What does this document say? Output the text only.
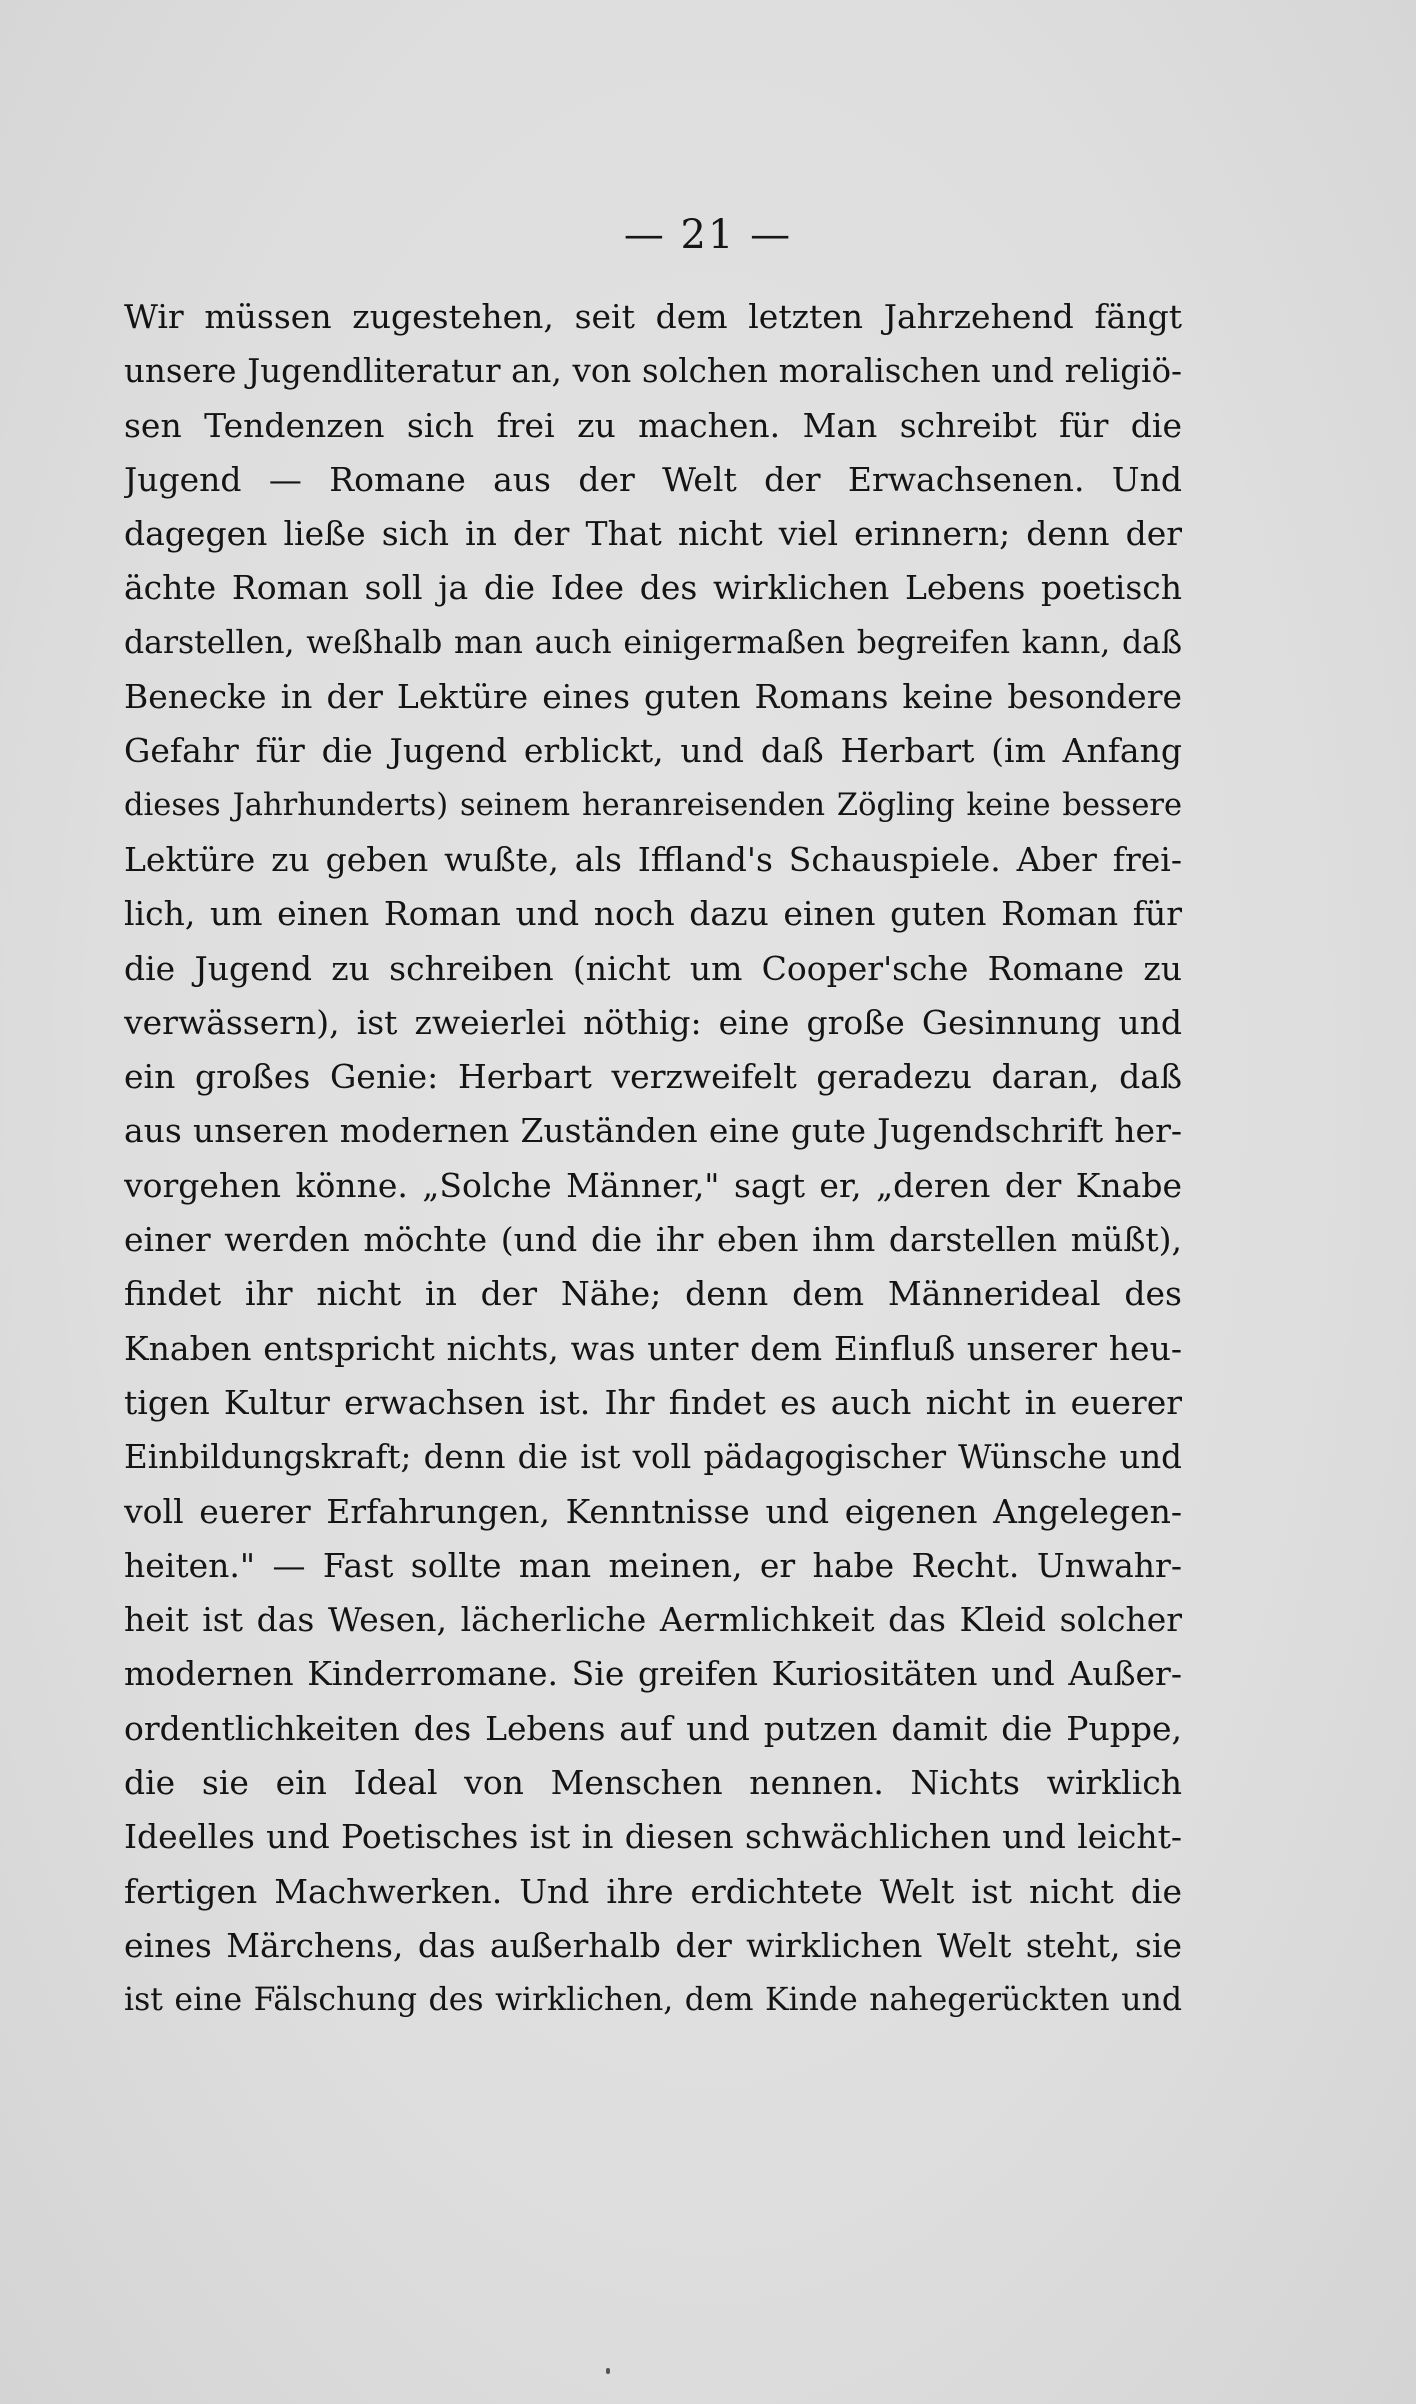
— 21 —
Wir müssen zugestehen, seit dem letzten Jahrzehend fängt
unsere Jugendliteratur an, von solchen moralischen und religiö-
sen Tendenzen sich frei zu machen. Man schreibt für die
Jugend — Romane aus der Welt der Erwachsenen. Und
dagegen ließe sich in der That nicht viel erinnern; denn der
ächte Roman soll ja die Idee des wirklichen Lebens poetisch
darstellen, weßhalb man auch einigermaßen begreifen kann, daß
Benecke in der Lektüre eines guten Romans keine besondere
Gefahr für die Jugend erblickt, und daß Herbart (im Anfang
dieses Jahrhunderts) seinem heranreisenden Zögling keine bessere
Lektüre zu geben wußte, als Iffland's Schauspiele. Aber frei-
lich, um einen Roman und noch dazu einen guten Roman für
die Jugend zu schreiben (nicht um Cooper'sche Romane zu
verwässern), ist zweierlei nöthig: eine große Gesinnung und
ein großes Genie: Herbart verzweifelt geradezu daran, daß
aus unseren modernen Zuständen eine gute Jugendschrift her-
vorgehen könne. „Solche Männer," sagt er, „deren der Knabe
einer werden möchte (und die ihr eben ihm darstellen müßt),
findet ihr nicht in der Nähe; denn dem Männerideal des
Knaben entspricht nichts, was unter dem Einfluß unserer heu-
tigen Kultur erwachsen ist. Ihr findet es auch nicht in euerer
Einbildungskraft; denn die ist voll pädagogischer Wünsche und
voll euerer Erfahrungen, Kenntnisse und eigenen Angelegen-
heiten." — Fast sollte man meinen, er habe Recht. Unwahr-
heit ist das Wesen, lächerliche Aermlichkeit das Kleid solcher
modernen Kinderromane. Sie greifen Kuriositäten und Außer-
ordentlichkeiten des Lebens auf und putzen damit die Puppe,
die sie ein Ideal von Menschen nennen. Nichts wirklich
Ideelles und Poetisches ist in diesen schwächlichen und leicht-
fertigen Machwerken. Und ihre erdichtete Welt ist nicht die
eines Märchens, das außerhalb der wirklichen Welt steht, sie
ist eine Fälschung des wirklichen, dem Kinde nahegerückten und
